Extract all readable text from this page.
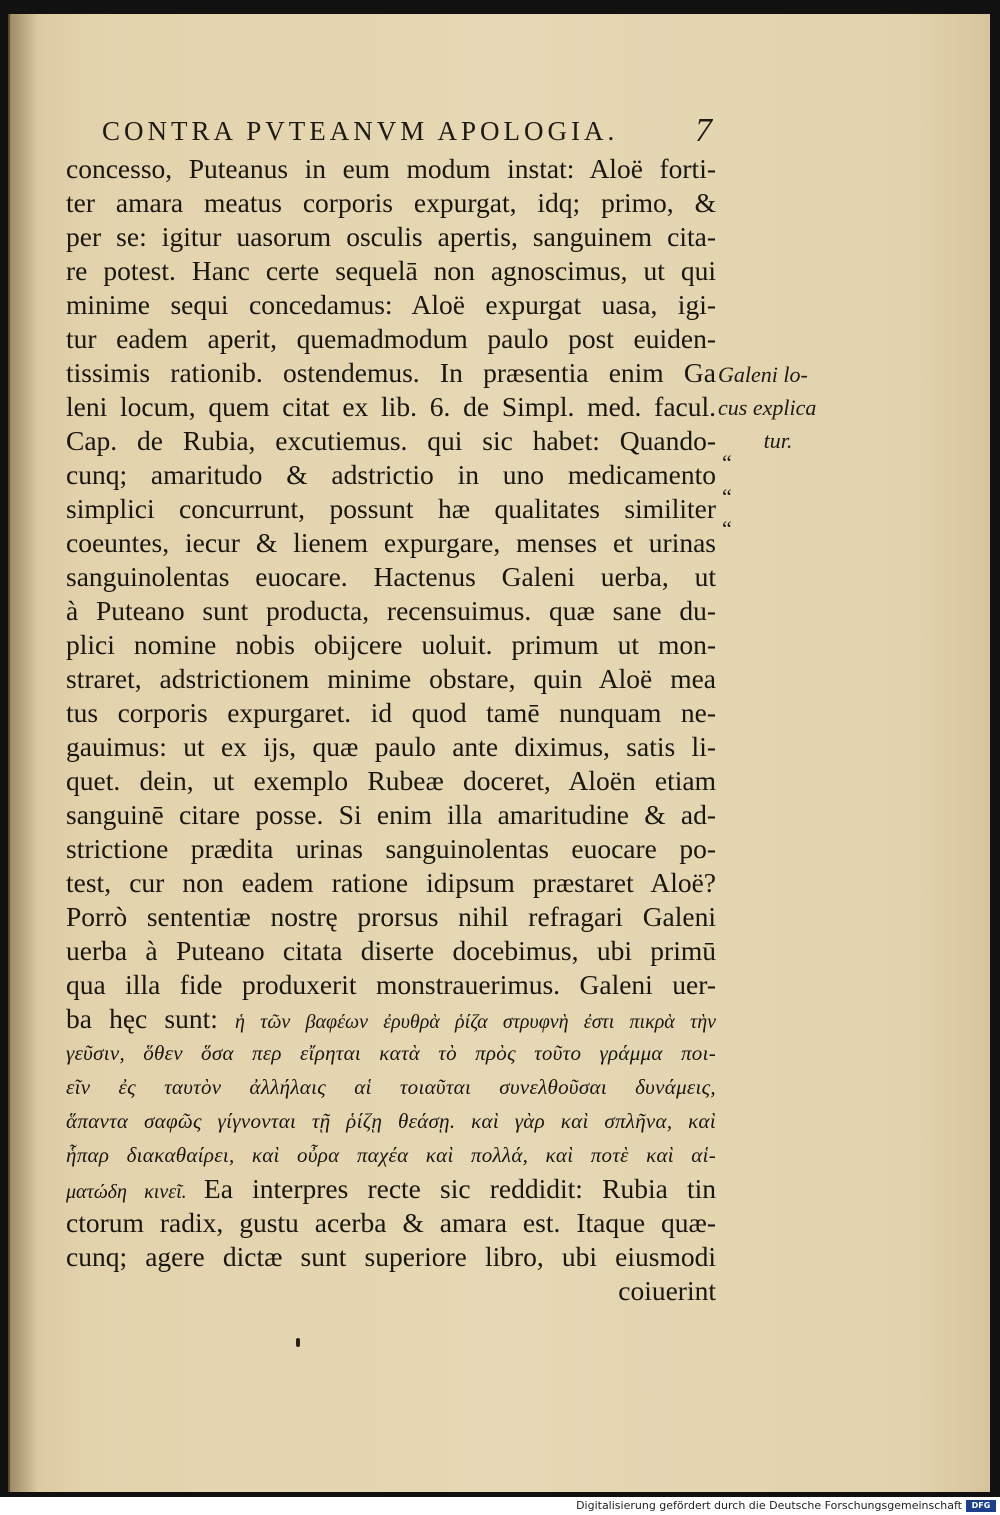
CONTRA PVTEANVM APOLOGIA. 7
concesso, Puteanus in eum modum instat: Aloë forti-
ter amara meatus corporis expurgat, idq; primo, &
per se: igitur uasorum osculis apertis, sanguinem cita-
re potest. Hanc certe sequelā non agnoscimus, ut qui
minime sequi concedamus: Aloë expurgat uasa, igi-
tur eadem aperit, quemadmodum paulo post euiden-
tissimis rationib. ostendemus. In præsentia enim Ga
leni locum, quem citat ex lib. 6. de Simpl. med. facul.
Cap. de Rubia, excutiemus. qui sic habet: Quando-
cunq; amaritudo & adstrictio in uno medicamento
simplici concurrunt, possunt hæ qualitates similiter
coeuntes, iecur & lienem expurgare, menses et urinas
sanguinolentas euocare. Hactenus Galeni uerba, ut
à Puteano sunt producta, recensuimus. quæ sane du-
plici nomine nobis obijcere uoluit. primum ut mon-
straret, adstrictionem minime obstare, quin Aloë mea
tus corporis expurgaret. id quod tamē nunquam ne-
gauimus: ut ex ijs, quæ paulo ante diximus, satis li-
quet. dein, ut exemplo Rubeæ doceret, Aloën etiam
sanguinē citare posse. Si enim illa amaritudine & ad-
strictione prædita urinas sanguinolentas euocare po-
test, cur non eadem ratione idipsum præstaret Aloë?
Porrò sententiæ nostrę prorsus nihil refragari Galeni
uerba à Puteano citata diserte docebimus, ubi primū
qua illa fide produxerit monstrauerimus. Galeni uer-
ba hęc sunt: ἡ τῶν βαφέων ἐρυθρὰ ῥίζα στρυφνὴ ἐστι πικρὰ τὴν
γεῦσιν, ὅθεν ὅσα περ εἴρηται κατὰ τὸ πρὸς τοῦτο γράμμα ποι-
εῖν ἐς ταυτὸν ἀλλήλαις αἱ τοιαῦται συνελθοῦσαι δυνάμεις,
ἅπαντα σαφῶς γίγνονται τῇ ῥίζῃ θεάσῃ. καὶ γὰρ καὶ σπλῆνα, καὶ
ἧπαρ διακαθαίρει, καὶ οὖρα παχέα καὶ πολλά, καὶ ποτὲ καὶ αἱ-
ματώδη κινεῖ. Ea interpres recte sic reddidit: Rubia tin
ctorum radix, gustu acerba & amara est. Itaque quæ-
cunq; agere dictæ sunt superiore libro, ubi eiusmodi
coiuerint
Galeni lo-
cus explica
tur.
“
“
“
Digitalisierung gefördert durch die Deutsche Forschungsgemeinschaft	DFG
